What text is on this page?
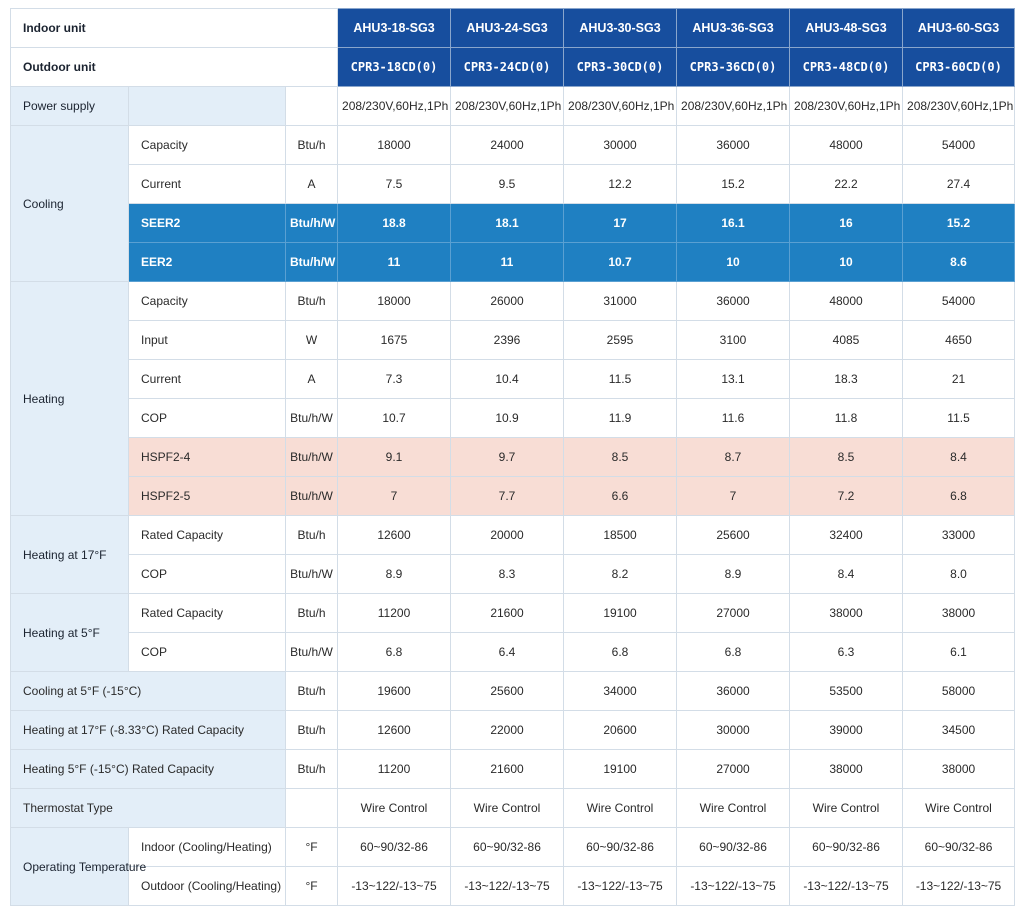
Indoor unit			AHU3-18-SG3	AHU3-24-SG3	AHU3-30-SG3	AHU3-36-SG3	AHU3-48-SG3	AHU3-60-SG3
Outdoor unit			CPR3-18CD(0)	CPR3-24CD(0)	CPR3-30CD(0)	CPR3-36CD(0)	CPR3-48CD(0)	CPR3-60CD(0)
Power supply			208/230V,60Hz,1Ph	208/230V,60Hz,1Ph	208/230V,60Hz,1Ph	208/230V,60Hz,1Ph	208/230V,60Hz,1Ph	208/230V,60Hz,1Ph
Cooling	Capacity	Btu/h	18000	24000	30000	36000	48000	54000
	Current	A	7.5	9.5	12.2	15.2	22.2	27.4
	SEER2	Btu/h/W	18.8	18.1	17	16.1	16	15.2
	EER2	Btu/h/W	11	11	10.7	10	10	8.6
Heating	Capacity	Btu/h	18000	26000	31000	36000	48000	54000
	Input	W	1675	2396	2595	3100	4085	4650
	Current	A	7.3	10.4	11.5	13.1	18.3	21
	COP	Btu/h/W	10.7	10.9	11.9	11.6	11.8	11.5
	HSPF2-4	Btu/h/W	9.1	9.7	8.5	8.7	8.5	8.4
	HSPF2-5	Btu/h/W	7	7.7	6.6	7	7.2	6.8
Heating at 17°F	Rated Capacity	Btu/h	12600	20000	18500	25600	32400	33000
	COP	Btu/h/W	8.9	8.3	8.2	8.9	8.4	8.0
Heating at 5°F	Rated Capacity	Btu/h	11200	21600	19100	27000	38000	38000
	COP	Btu/h/W	6.8	6.4	6.8	6.8	6.3	6.1
Cooling at 5°F (-15°C)		Btu/h	19600	25600	34000	36000	53500	58000
Heating at 17°F (-8.33°C) Rated Capacity		Btu/h	12600	22000	20600	30000	39000	34500
Heating 5°F (-15°C) Rated Capacity		Btu/h	11200	21600	19100	27000	38000	38000
Thermostat Type			Wire Control	Wire Control	Wire Control	Wire Control	Wire Control	Wire Control
Operating Temperature	Indoor (Cooling/Heating)	°F	60~90/32-86	60~90/32-86	60~90/32-86	60~90/32-86	60~90/32-86	60~90/32-86
	Outdoor (Cooling/Heating)	°F	-13~122/-13~75	-13~122/-13~75	-13~122/-13~75	-13~122/-13~75	-13~122/-13~75	-13~122/-13~75
